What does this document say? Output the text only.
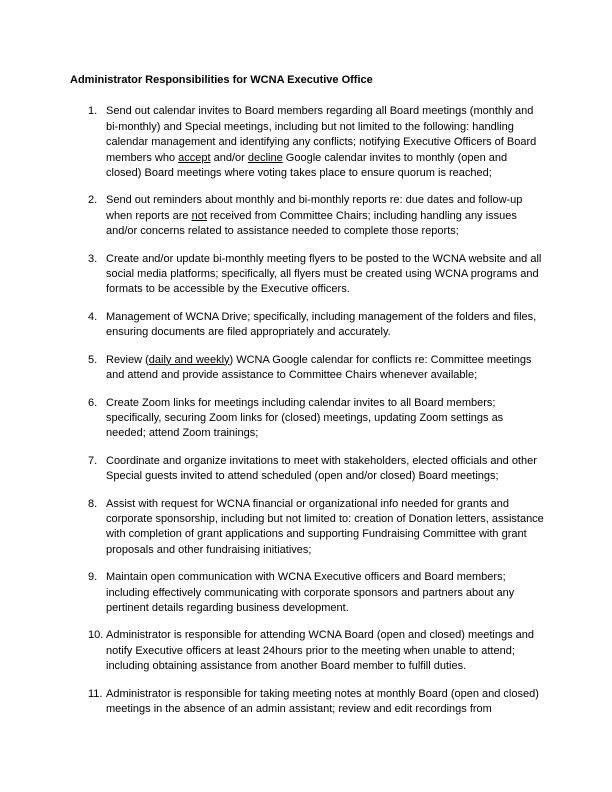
Administrator Responsibilities for WCNA Executive Office
1. Send out calendar invites to Board members regarding all Board meetings (monthly and bi-monthly) and Special meetings, including but not limited to the following: handling calendar management and identifying any conflicts; notifying Executive Officers of Board members who accept and/or decline Google calendar invites to monthly (open and closed) Board meetings where voting takes place to ensure quorum is reached;
2. Send out reminders about monthly and bi-monthly reports re: due dates and follow-up when reports are not received from Committee Chairs; including handling any issues and/or concerns related to assistance needed to complete those reports;
3. Create and/or update bi-monthly meeting flyers to be posted to the WCNA website and all social media platforms; specifically, all flyers must be created using WCNA programs and formats to be accessible by the Executive officers.
4. Management of WCNA Drive; specifically, including management of the folders and files, ensuring documents are filed appropriately and accurately.
5. Review (daily and weekly) WCNA Google calendar for conflicts re: Committee meetings and attend and provide assistance to Committee Chairs whenever available;
6. Create Zoom links for meetings including calendar invites to all Board members; specifically, securing Zoom links for (closed) meetings, updating Zoom settings as needed; attend Zoom trainings;
7. Coordinate and organize invitations to meet with stakeholders, elected officials and other Special guests invited to attend scheduled (open and/or closed) Board meetings;
8. Assist with request for WCNA financial or organizational info needed for grants and corporate sponsorship, including but not limited to: creation of Donation letters, assistance with completion of grant applications and supporting Fundraising Committee with grant proposals and other fundraising initiatives;
9. Maintain open communication with WCNA Executive officers and Board members; including effectively communicating with corporate sponsors and partners about any pertinent details regarding business development.
10. Administrator is responsible for attending WCNA Board (open and closed) meetings and notify Executive officers at least 24hours prior to the meeting when unable to attend; including obtaining assistance from another Board member to fulfill duties.
11. Administrator is responsible for taking meeting notes at monthly Board (open and closed) meetings in the absence of an admin assistant; review and edit recordings from
